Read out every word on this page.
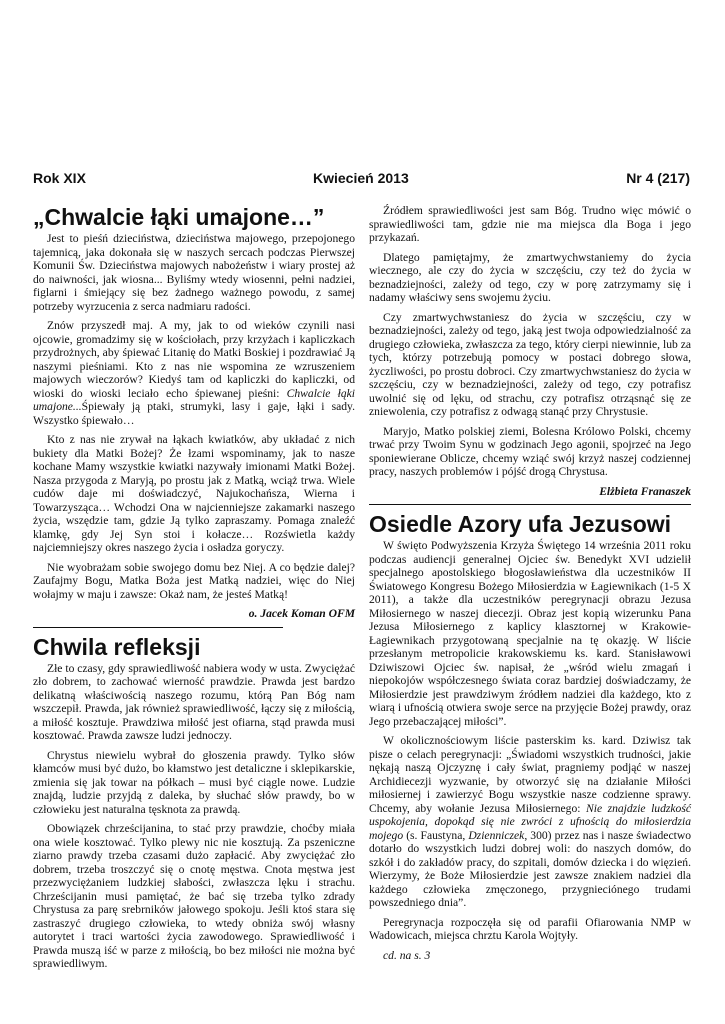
Rok XIX	Kwiecień 2013	Nr 4 (217)
„Chwalcie łąki umajone…”

Jest to pieśń dzieciństwa, dzieciństwa majowego, przepojonego tajemnicą, jaka dokonała się w naszych sercach podczas Pierwszej Komunii Św. Dzieciństwa majowych nabożeństw i wiary prostej aż do naiwności, jak wiosna... Byliśmy wtedy wiosenni, pełni nadziei, figlarni i śmiejący się bez żadnego ważnego powodu, z samej potrzeby wyrzucenia z serca nadmiaru radości.

Znów przyszedł maj. A my, jak to od wieków czynili nasi ojcowie, gromadzimy się w kościołach, przy krzyżach i kapliczkach przydrożnych, aby śpiewać Litanię do Matki Boskiej i pozdrawiać Ją naszymi pieśniami. Kto z nas nie wspomina ze wzruszeniem majowych wieczorów? Kiedyś tam od kapliczki do kapliczki, od wioski do wioski leciało echo śpiewanej pieśni: Chwalcie łąki umajone...Śpiewały ją ptaki, strumyki, lasy i gaje, łąki i sady. Wszystko śpiewało…

Kto z nas nie zrywał na łąkach kwiatków, aby układać z nich bukiety dla Matki Bożej? Że łzami wspominamy, jak to nasze kochane Mamy wszystkie kwiatki nazywały imionami Matki Bożej. Nasza przygoda z Maryją, po prostu jak z Matką, wciąż trwa. Wiele cudów daje mi doświadczyć, Najukochańsza, Wierna i Towarzysząca… Wchodzi Ona w najcienniejsze zakamarki naszego życia, wszędzie tam, gdzie Ją tylko zapraszamy. Pomaga znaleźć klamkę, gdy Jej Syn stoi i kołacze… Rozświetla każdy najciemniejszy okres naszego życia i osładza goryczy.

Nie wyobrażam sobie swojego domu bez Niej. A co będzie dalej? Zaufajmy Bogu, Matka Boża jest Matką nadziei, więc do Niej wołajmy w maju i zawsze: Okaż nam, że jesteś Matką!

o. Jacek Koman OFM
Chwila refleksji

Złe to czasy, gdy sprawiedliwość nabiera wody w usta. Zwyciężać zło dobrem, to zachować wierność prawdzie. Prawda jest bardzo delikatną właściwością naszego rozumu, którą Pan Bóg nam wszczepił. Prawda, jak również sprawiedliwość, łączy się z miłością, a miłość kosztuje. Prawdziwa miłość jest ofiarna, stąd prawda musi kosztować. Prawda zawsze ludzi jednoczy.

Chrystus niewielu wybrał do głoszenia prawdy. Tylko słów kłamców musi być dużo, bo kłamstwo jest detaliczne i sklepikarskie, zmienia się jak towar na półkach – musi być ciągle nowe. Ludzie znajdą, ludzie przyjdą z daleka, by słuchać słów prawdy, bo w człowieku jest naturalna tęsknota za prawdą.

Obowiązek chrześcijanina, to stać przy prawdzie, choćby miała ona wiele kosztować. Tylko plewy nic nie kosztują. Za pszeniczne ziarno prawdy trzeba czasami dużo zapłacić. Aby zwyciężać zło dobrem, trzeba troszczyć się o cnotę męstwa. Cnota męstwa jest przezwyciężaniem ludzkiej słabości, zwłaszcza lęku i strachu. Chrześcijanin musi pamiętać, że bać się trzeba tylko zdrady Chrystusa za parę srebrników jałowego spokoju. Jeśli ktoś stara się zastraszyć drugiego człowieka, to wtedy obniża swój własny autorytet i traci wartości życia zawodowego. Sprawiedliwość i Prawda muszą iść w parze z miłością, bo bez miłości nie można być sprawiedliwym.

Źródłem sprawiedliwości jest sam Bóg. Trudno więc mówić o sprawiedliwości tam, gdzie nie ma miejsca dla Boga i jego przykazań.

Dlatego pamiętajmy, że zmartwychwstaniemy do życia wiecznego, ale czy do życia w szczęściu, czy też do życia w beznadziejności, zależy od tego, czy w porę zatrzymamy się i nadamy właściwy sens swojemu życiu.

Czy zmartwychwstaniesz do życia w szczęściu, czy w beznadziejności, zależy od tego, jaką jest twoja odpowiedzialność za drugiego człowieka, zwłaszcza za tego, który cierpi niewinnie, lub za tych, którzy potrzebują pomocy w postaci dobrego słowa, życzliwości, po prostu dobroci. Czy zmartwychwstaniesz do życia w szczęściu, czy w beznadziejności, zależy od tego, czy potrafisz uwolnić się od lęku, od strachu, czy potrafisz otrząsnąć się ze zniewolenia, czy potrafisz z odwagą stanąć przy Chrystusie.

Maryjo, Matko polskiej ziemi, Bolesna Królowo Polski, chcemy trwać przy Twoim Synu w godzinach Jego agonii, spojrzeć na Jego sponiewierane Oblicze, chcemy wziąć swój krzyż naszej codziennej pracy, naszych problemów i pójść drogą Chrystusa.

Elżbieta Franaszek
Osiedle Azory ufa Jezusowi

W święto Podwyższenia Krzyża Świętego 14 września 2011 roku podczas audiencji generalnej Ojciec św. Benedykt XVI udzielił specjalnego apostolskiego błogosławieństwa dla uczestników II Światowego Kongresu Bożego Miłosierdzia w Łagiewnikach (1-5 X 2011), a także dla uczestników peregrynacji obrazu Jezusa Miłosiernego w naszej diecezji. Obraz jest kopią wizerunku Pana Jezusa Miłosiernego z kaplicy klasztornej w Krakowie-Łagiewnikach przygotowaną specjalnie na tę okazję. W liście przesłanym metropolicie krakowskiemu ks. kard. Stanisławowi Dziwiszowi Ojciec św. napisał, że „wśród wielu zmagań i niepokojów współczesnego świata coraz bardziej doświadczamy, że Miłosierdzie jest prawdziwym źródłem nadziei dla każdego, kto z wiarą i ufnością otwiera swoje serce na przyjęcie Bożej prawdy, oraz Jego przebaczającej miłości”.

W okolicznościowym liście pasterskim ks. kard. Dziwisz tak pisze o celach peregrynacji: „Świadomi wszystkich trudności, jakie nękają naszą Ojczyznę i cały świat, pragniemy podjąć w naszej Archidiecezji wyzwanie, by otworzyć się na działanie Miłości miłosiernej i zawierzyć Bogu wszystkie nasze codzienne sprawy. Chcemy, aby wołanie Jezusa Miłosiernego: Nie znajdzie ludzkość uspokojenia, dopokąd się nie zwróci z ufnością do miłosierdzia mojego (s. Faustyna, Dzienniczek, 300) przez nas i nasze świadectwo dotarło do wszystkich ludzi dobrej woli: do naszych domów, do szkół i do zakładów pracy, do szpitali, domów dziecka i do więzień. Wierzymy, że Boże Miłosierdzie jest zawsze znakiem nadziei dla każdego człowieka zmęczonego, przygnieciónego trudami powszedniego dnia”.

Peregrynacja rozpoczęła się od parafii Ofiarowania NMP w Wadowicach, miejsca chrztu Karola Wojtyły.

cd. na s. 3
